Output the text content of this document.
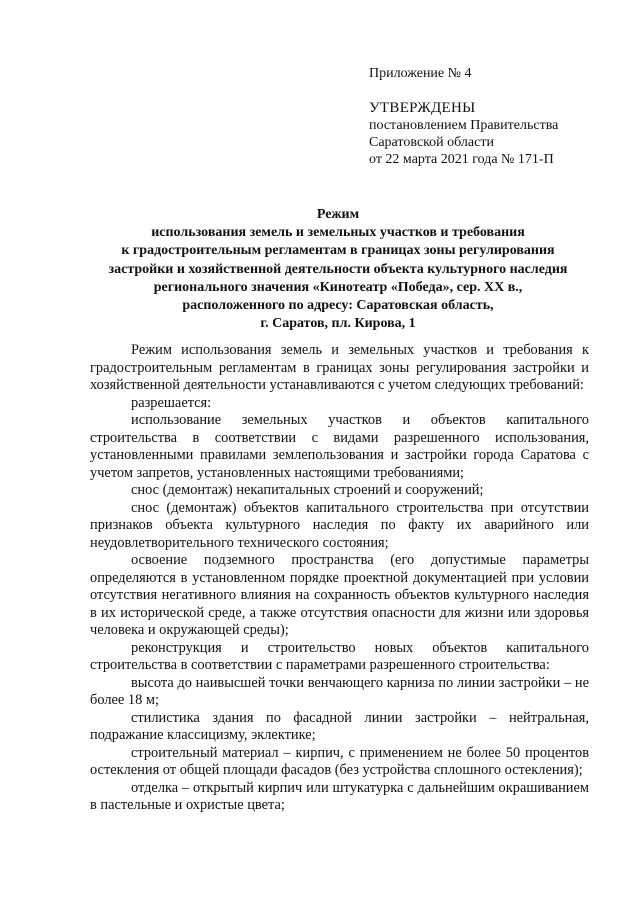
Приложение № 4
УТВЕРЖДЕНЫ
постановлением Правительства
Саратовской области
от 22 марта 2021 года № 171-П
Режим
использования земель и земельных участков и требования
к градостроительным регламентам в границах зоны регулирования
застройки и хозяйственной деятельности объекта культурного наследия
регионального значения «Кинотеатр «Победа», сер. XX в.,
расположенного по адресу: Саратовская область,
г. Саратов, пл. Кирова, 1

Режим использования земель и земельных участков и требования к градостроительным регламентам в границах зоны регулирования застройки и хозяйственной деятельности устанавливаются с учетом следующих требований:

разрешается:

использование земельных участков и объектов капитального строительства в соответствии с видами разрешенного использования, установленными правилами землепользования и застройки города Саратова с учетом запретов, установленных настоящими требованиями;

снос (демонтаж) некапитальных строений и сооружений;

снос (демонтаж) объектов капитального строительства при отсутствии признаков объекта культурного наследия по факту их аварийного или неудовлетворительного технического состояния;

освоение подземного пространства (его допустимые параметры определяются в установленном порядке проектной документацией при условии отсутствия негативного влияния на сохранность объектов культурного наследия в их исторической среде, а также отсутствия опасности для жизни или здоровья человека и окружающей среды);

реконструкция и строительство новых объектов капитального строительства в соответствии с параметрами разрешенного строительства:

высота до наивысшей точки венчающего карниза по линии застройки – не более 18 м;

стилистика здания по фасадной линии застройки – нейтральная, подражание классицизму, эклектике;

строительный материал – кирпич, с применением не более 50 процентов остекления от общей площади фасадов (без устройства сплошного остекления);

отделка – открытый кирпич или штукатурка с дальнейшим окрашиванием в пастельные и охристые цвета;
